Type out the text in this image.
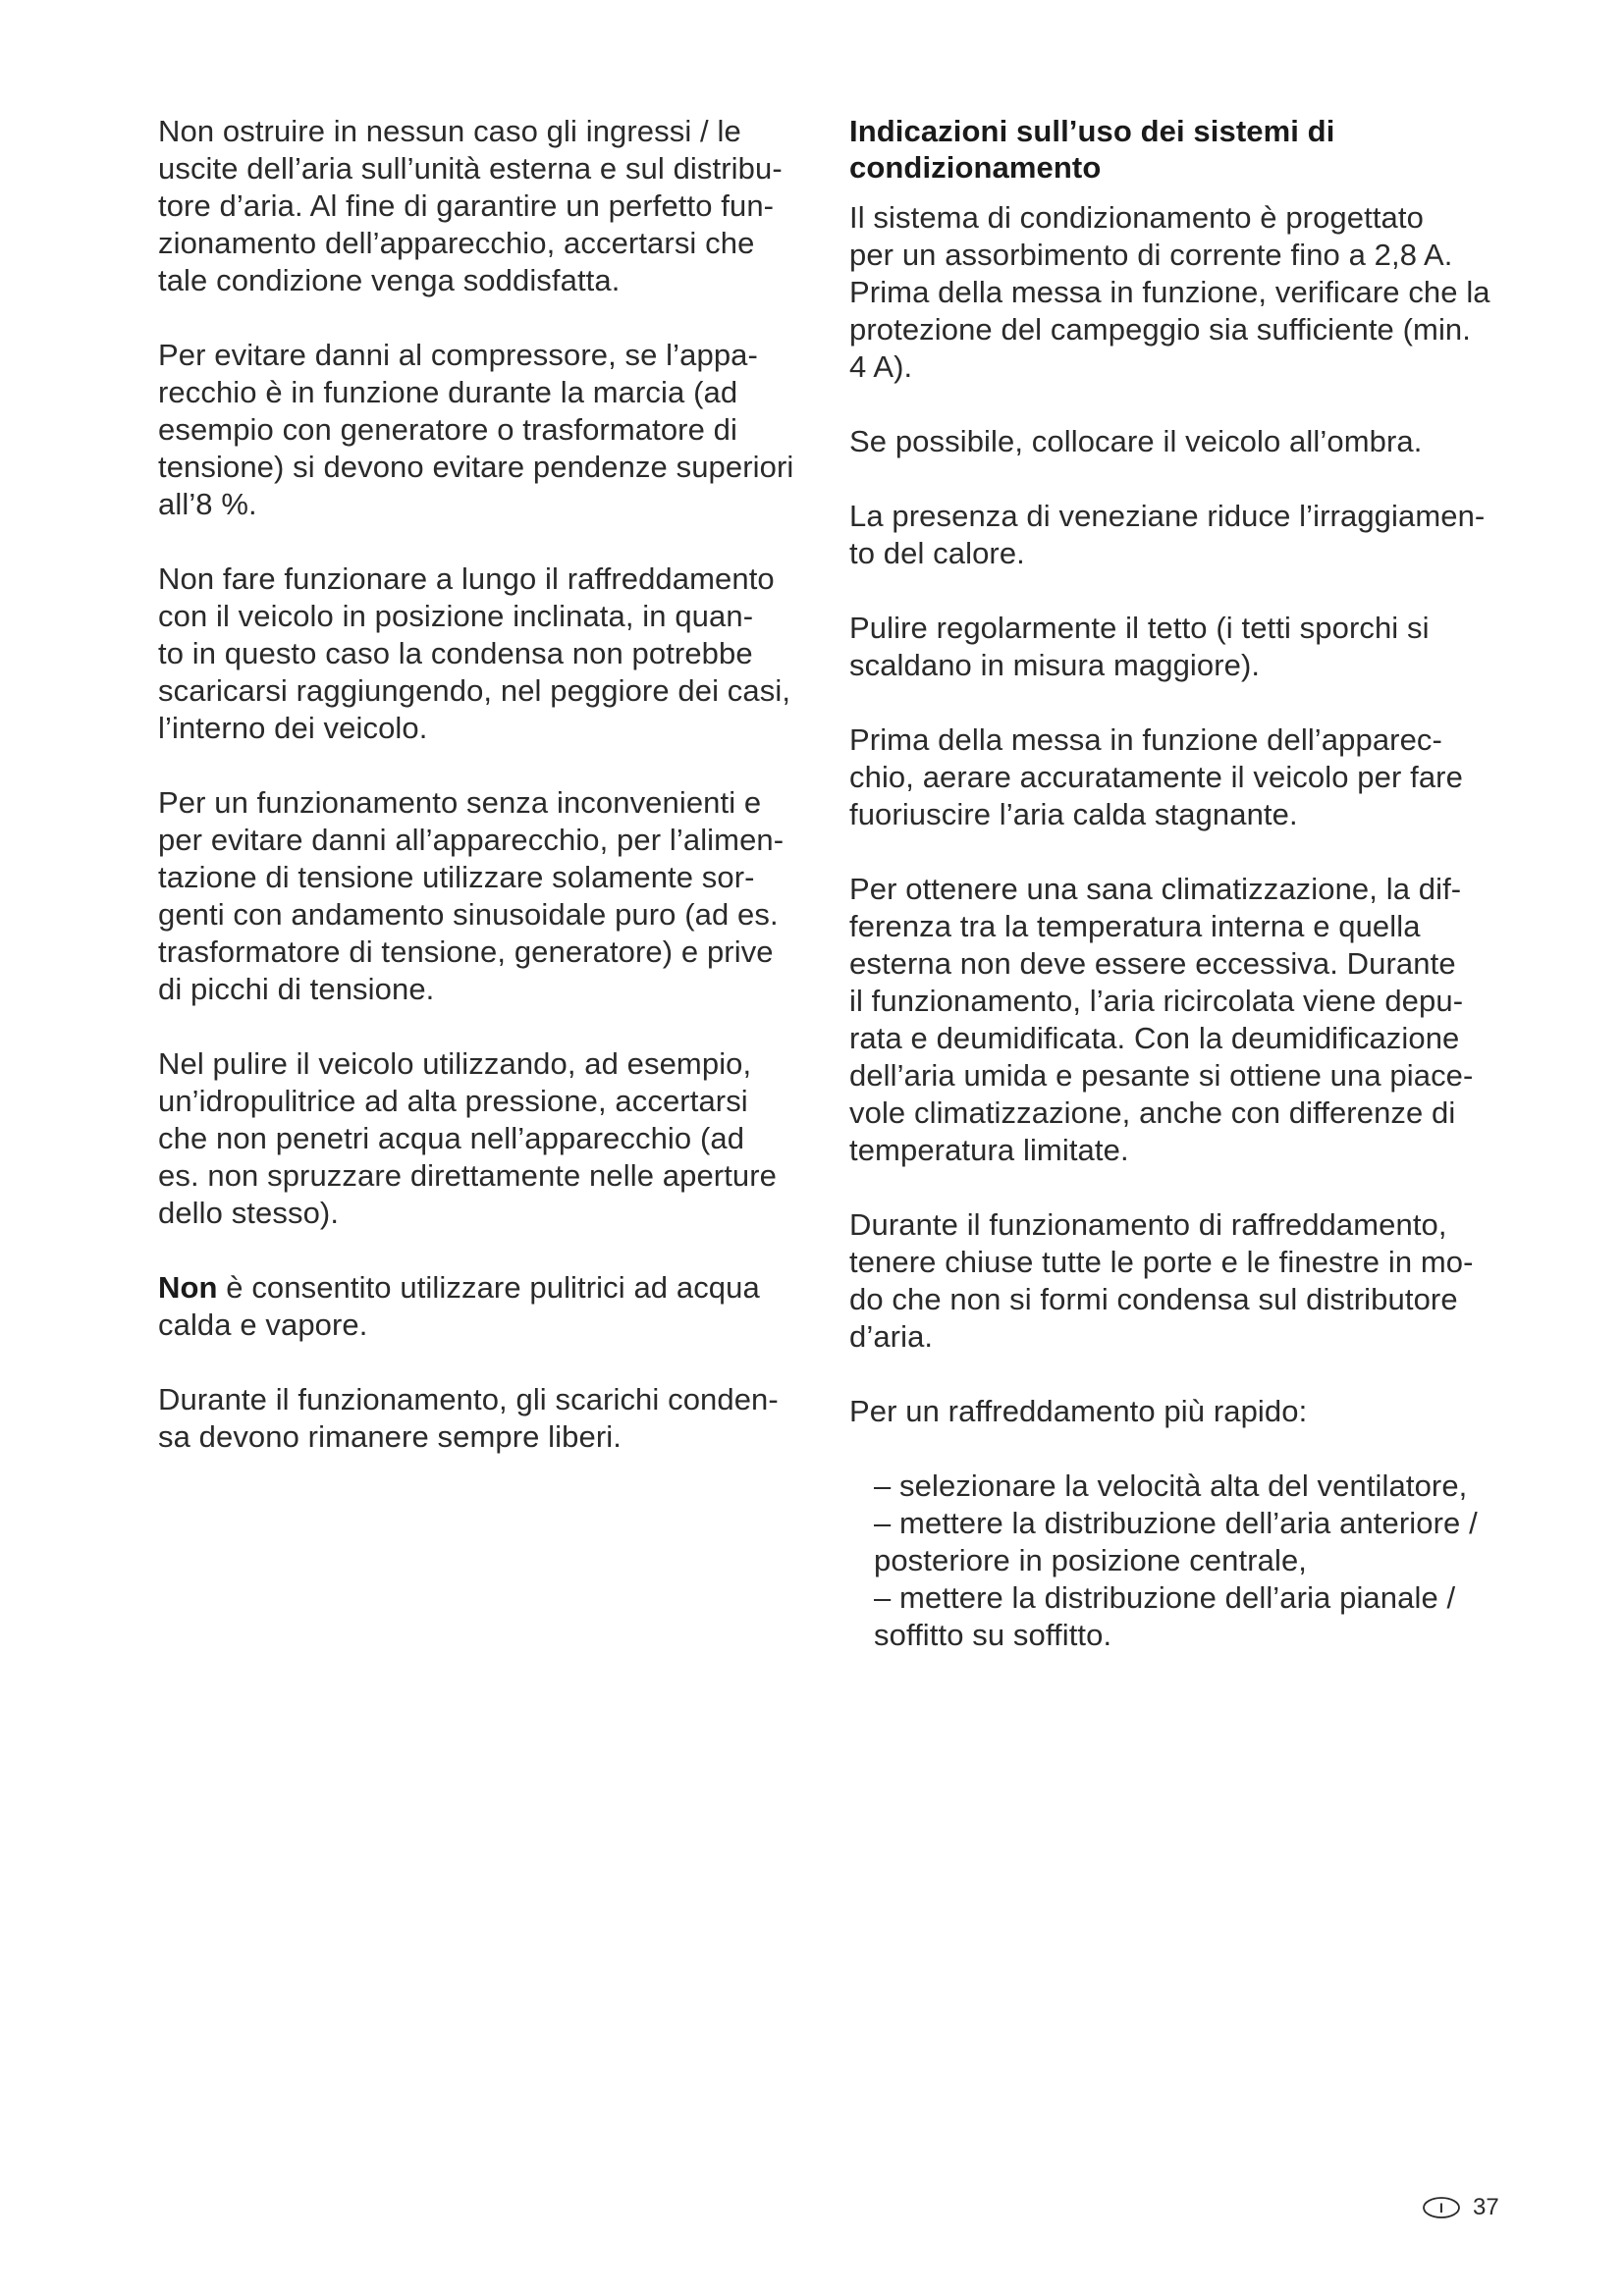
Non ostruire in nessun caso gli ingressi / le
uscite dell’aria sull’unità esterna e sul distribu-
tore d’aria. Al fine di garantire un perfetto fun-
zionamento dell’apparecchio, accertarsi che
tale condizione venga soddisfatta.
Per evitare danni al compressore, se l’appa-
recchio è in funzione durante la marcia (ad
esempio con generatore o trasformatore di
tensione) si devono evitare pendenze superiori
all’8 %.
Non fare funzionare a lungo il raffreddamento
con il veicolo in posizione inclinata, in quan-
to in questo caso la condensa non potrebbe
scaricarsi raggiungendo, nel peggiore dei casi,
l’interno dei veicolo.
Per un funzionamento senza inconvenienti e
per evitare danni all’apparecchio, per l’alimen-
tazione di tensione utilizzare solamente sor-
genti con andamento sinusoidale puro (ad es.
trasformatore di tensione, generatore) e prive
di picchi di tensione.
Nel pulire il veicolo utilizzando, ad esempio,
un’idropulitrice ad alta pressione, accertarsi
che non penetri acqua nell’apparecchio (ad
es. non spruzzare direttamente nelle aperture
dello stesso).
Non è consentito utilizzare pulitrici ad acqua
calda e vapore.
Durante il funzionamento, gli scarichi conden-
sa devono rimanere sempre liberi.
Indicazioni sull’uso dei sistemi di
condizionamento
Il sistema di condizionamento è progettato
per un assorbimento di corrente fino a 2,8 A.
Prima della messa in funzione, verificare che la
protezione del campeggio sia sufficiente (min.
4 A).
Se possibile, collocare il veicolo all’ombra.
La presenza di veneziane riduce l’irraggiamen-
to del calore.
Pulire regolarmente il tetto (i tetti sporchi si
scaldano in misura maggiore).
Prima della messa in funzione dell’apparec-
chio, aerare accuratamente il veicolo per fare
fuoriuscire l’aria calda stagnante.
Per ottenere una sana climatizzazione, la dif-
ferenza tra la temperatura interna e quella
esterna non deve essere eccessiva. Durante
il funzionamento, l’aria ricircolata viene depu-
rata e deumidificata. Con la deumidificazione
dell’aria umida e pesante si ottiene una piace-
vole climatizzazione, anche con differenze di
temperatura limitate.
Durante il funzionamento di raffreddamento,
tenere chiuse tutte le porte e le finestre in mo-
do che non si formi condensa sul distributore
d’aria.
Per un raffreddamento più rapido:
– selezionare la velocità alta del ventilatore,
– mettere la distribuzione dell’aria anteriore /
posteriore in posizione centrale,
– mettere la distribuzione dell’aria pianale /
soffitto su soffitto.
I 37
